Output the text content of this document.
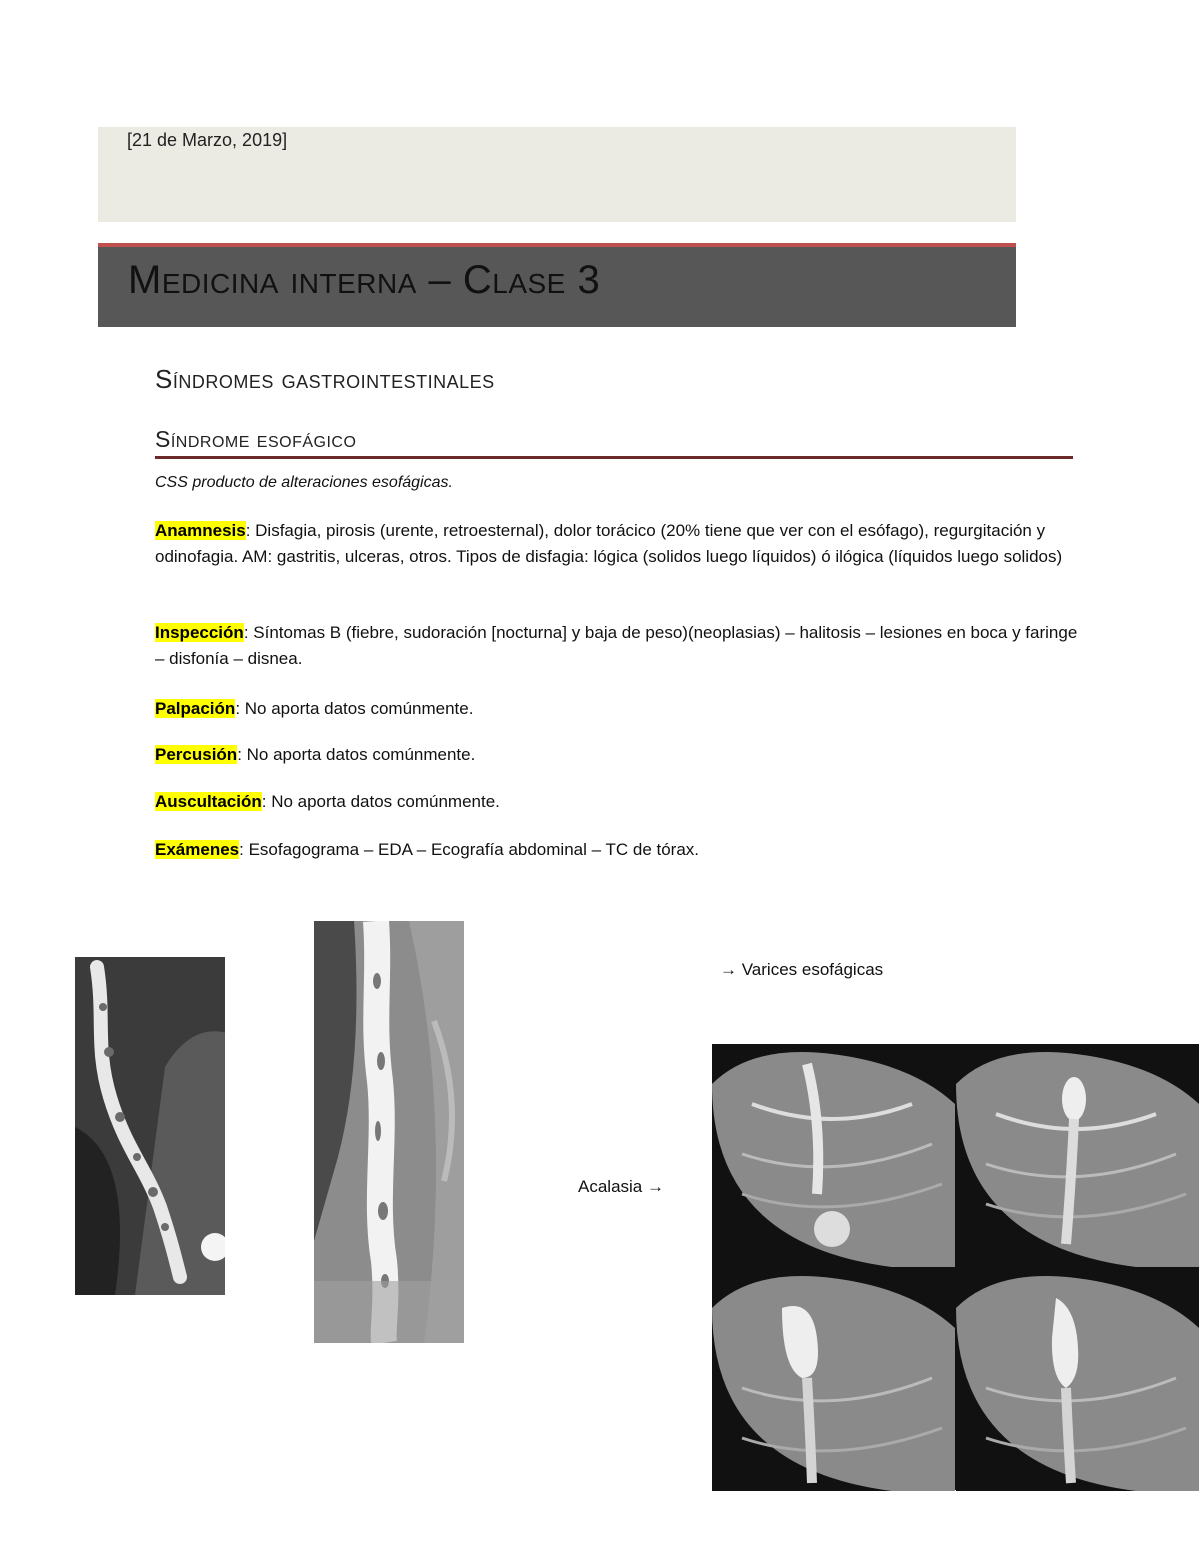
[21 de Marzo, 2019]
Medicina interna – Clase 3
Síndromes gastrointestinales
Síndrome esofágico
CSS producto de alteraciones esofágicas.
Anamnesis: Disfagia, pirosis (urente, retroesternal), dolor torácico (20% tiene que ver con el esófago), regurgitación y odinofagia. AM: gastritis, ulceras, otros. Tipos de disfagia: lógica (solidos luego líquidos) ó ilógica (líquidos luego solidos)
Inspección: Síntomas B (fiebre, sudoración [nocturna] y baja de peso)(neoplasias) – halitosis – lesiones en boca y faringe – disfonía – disnea.
Palpación: No aporta datos comúnmente.
Percusión: No aporta datos comúnmente.
Auscultación: No aporta datos comúnmente.
Exámenes: Esofagograma – EDA – Ecografía abdominal – TC de tórax.
→ Varices esofágicas
Acalasia →
